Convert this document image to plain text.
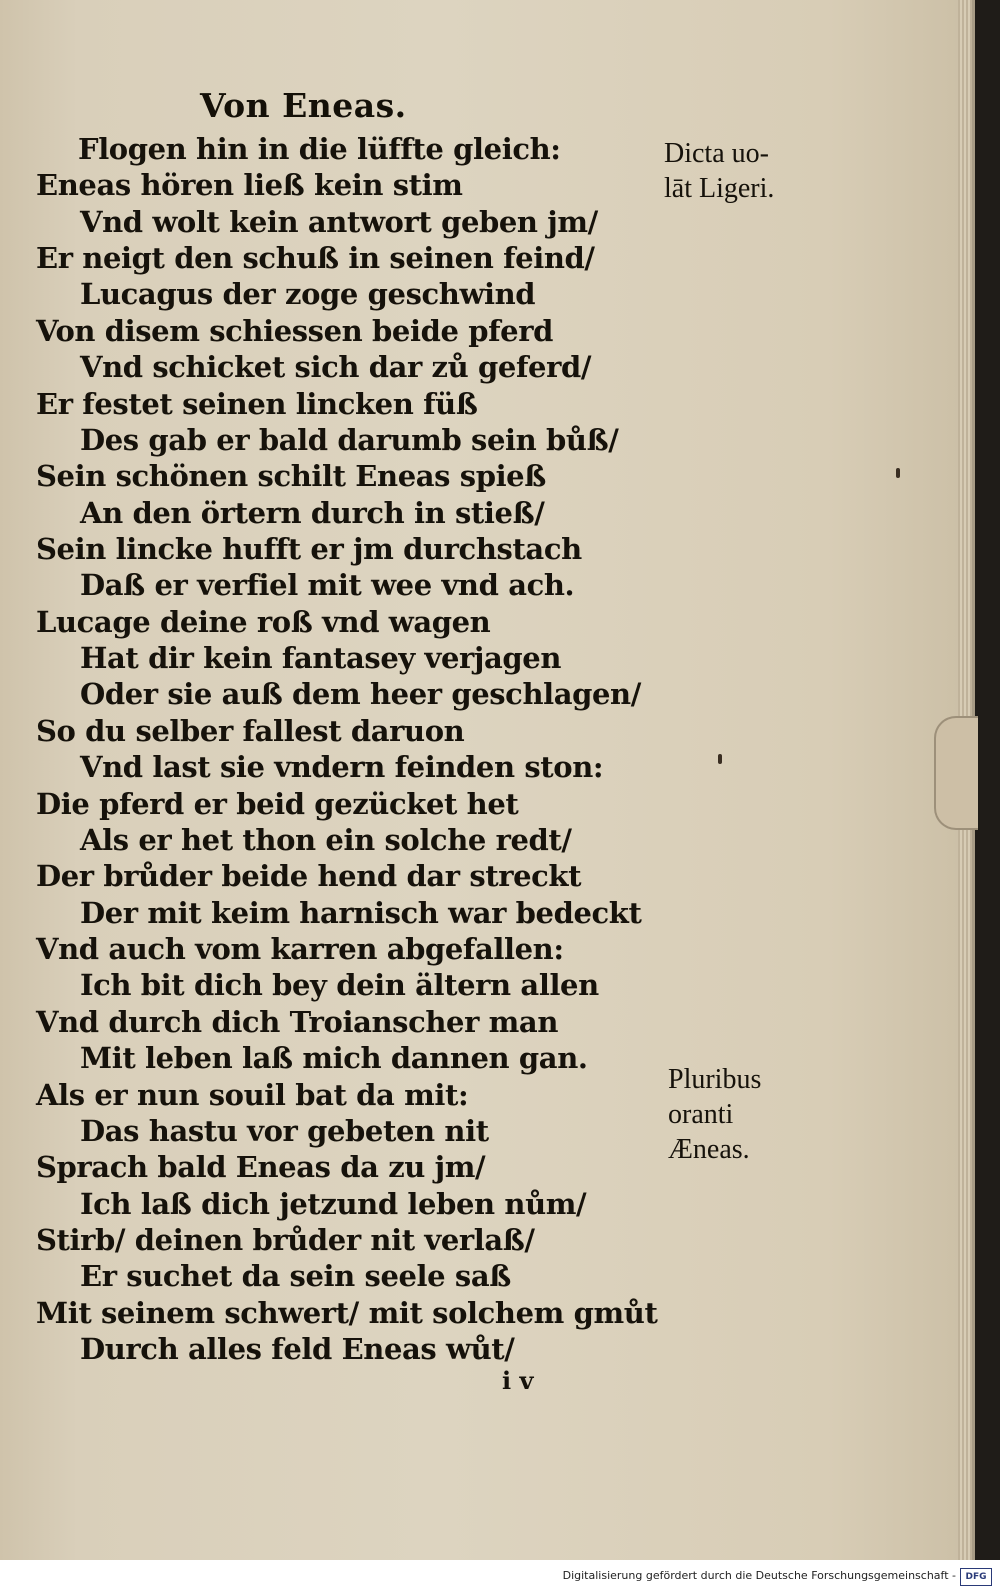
Von Eneas.
Flogen hin in die lüffte gleich:
Eneas hören ließ kein stim
Vnd wolt kein antwort geben jm/
Er neigt den schuß in seinen feind/
Lucagus der zoge geschwind
Von disem schiessen beide pferd
Vnd schicket sich dar zů geferd/
Er festet seinen lincken füß
Des gab er bald darumb sein bůß/
Sein schönen schilt Eneas spieß
An den örtern durch in stieß/
Sein lincke hufft er jm durchstach
Daß er verfiel mit wee vnd ach.
Lucage deine roß vnd wagen
Hat dir kein fantasey verjagen
Oder sie auß dem heer geschlagen/
So du selber fallest daruon
Vnd last sie vndern feinden ston:
Die pferd er beid gezücket het
Als er het thon ein solche redt/
Der brůder beide hend dar streckt
Der mit keim harnisch war bedeckt
Vnd auch vom karren abgefallen:
Ich bit dich bey dein ältern allen
Vnd durch dich Troianscher man
Mit leben laß mich dannen gan.
Als er nun souil bat da mit:
Das hastu vor gebeten nit
Sprach bald Eneas da zu jm/
Ich laß dich jetzund leben nům/
Stirb/ deinen brůder nit verlaß/
Er suchet da sein seele saß
Mit seinem schwert/ mit solchem gmůt
Durch alles feld Eneas wůt/
Dicta uo-
lāt Ligeri.
Pluribus
oranti
Æneas.
i v
Digitalisierung gefördert durch die Deutsche Forschungsgemeinschaft -	DFG
